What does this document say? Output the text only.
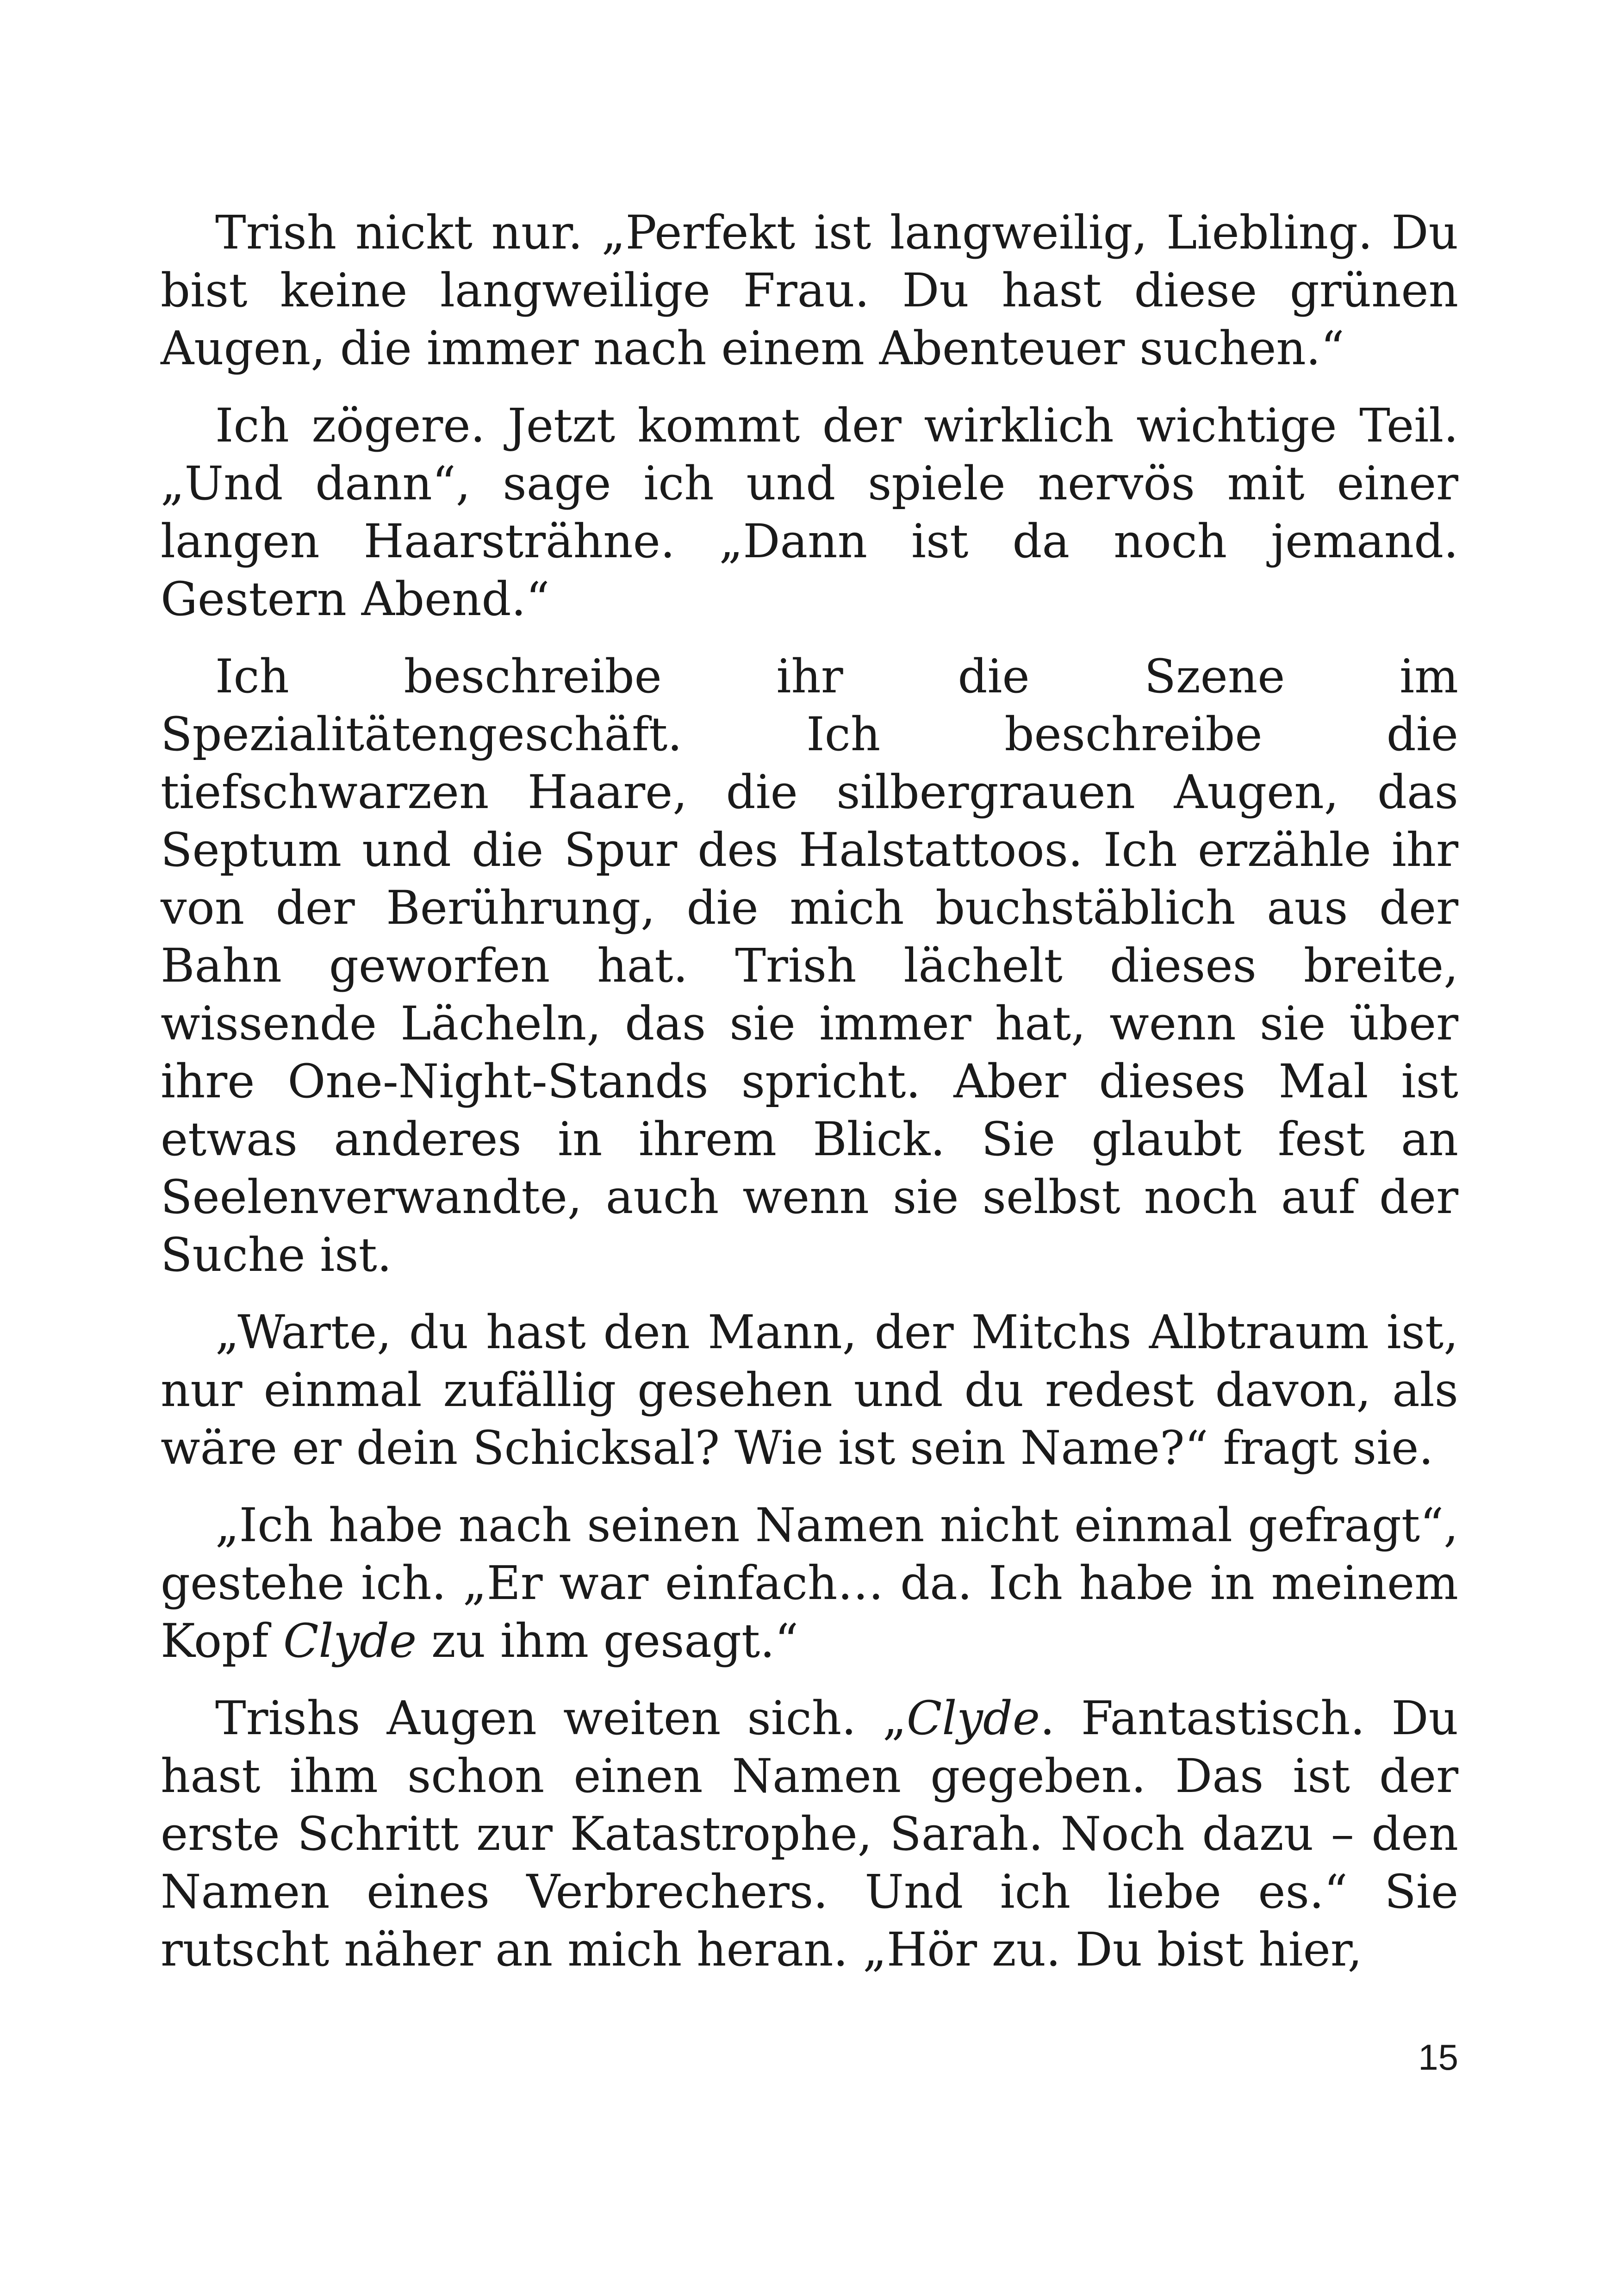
Trish nickt nur. „Perfekt ist langweilig, Liebling. Du bist keine langweilige Frau. Du hast diese grünen Augen, die immer nach einem Abenteuer suchen.“

Ich zögere. Jetzt kommt der wirklich wichtige Teil. „Und dann“, sage ich und spiele nervös mit einer langen Haarsträhne. „Dann ist da noch jemand. Gestern Abend.“

Ich beschreibe ihr die Szene im Spezialitätengeschäft. Ich beschreibe die tiefschwarzen Haare, die silbergrauen Augen, das Septum und die Spur des Halstattoos. Ich erzähle ihr von der Berührung, die mich buchstäblich aus der Bahn geworfen hat. Trish lächelt dieses breite, wissende Lächeln, das sie immer hat, wenn sie über ihre One-Night-Stands spricht. Aber dieses Mal ist etwas anderes in ihrem Blick. Sie glaubt fest an Seelenverwandte, auch wenn sie selbst noch auf der Suche ist.

„Warte, du hast den Mann, der Mitchs Albtraum ist, nur einmal zufällig gesehen und du redest davon, als wäre er dein Schicksal? Wie ist sein Name?“ fragt sie.

„Ich habe nach seinen Namen nicht einmal gefragt“, gestehe ich. „Er war einfach… da. Ich habe in meinem Kopf Clyde zu ihm gesagt.“

Trishs Augen weiten sich. „Clyde. Fantastisch. Du hast ihm schon einen Namen gegeben. Das ist der erste Schritt zur Katastrophe, Sarah. Noch dazu – den Namen eines Verbrechers. Und ich liebe es.“ Sie rutscht näher an mich heran. „Hör zu. Du bist hier,

15
